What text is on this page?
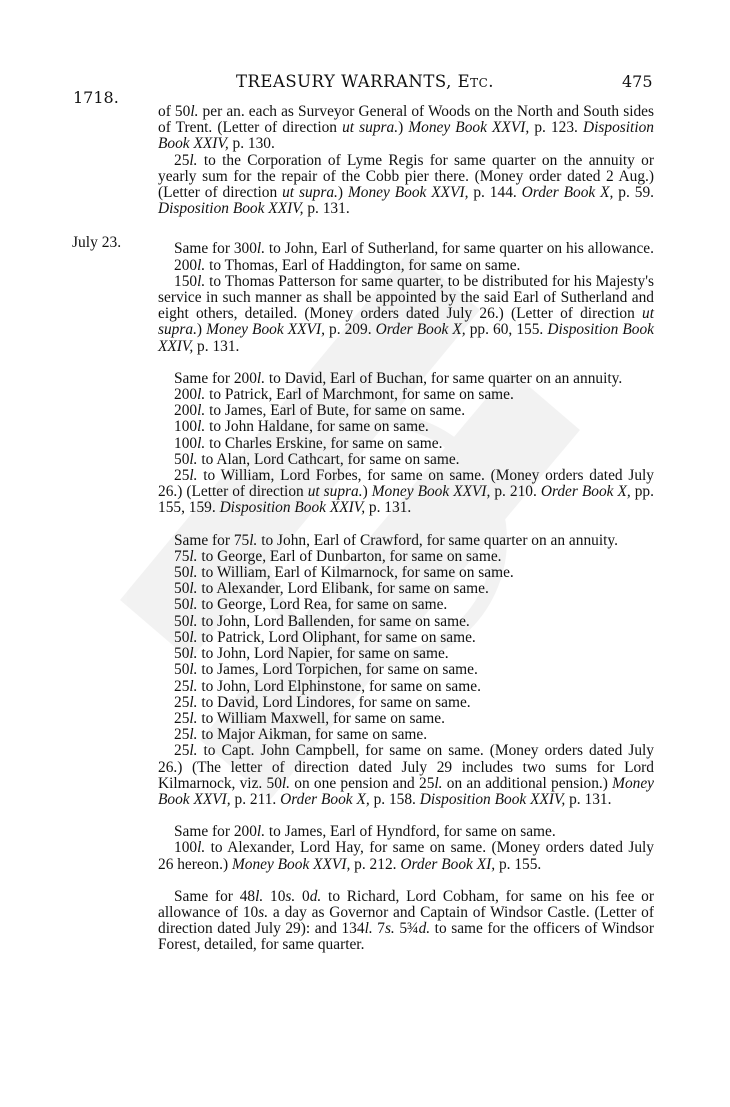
1718.
TREASURY WARRANTS, Etc.	475
July 23.

of 50l. per an. each as Surveyor General of Woods on the North and South sides of Trent. (Letter of direction ut supra.) Money Book XXVI, p. 123. Disposition Book XXIV, p. 130.

25l. to the Corporation of Lyme Regis for same quarter on the annuity or yearly sum for the repair of the Cobb pier there. (Money order dated 2 Aug.) (Letter of direction ut supra.) Money Book XXVI, p. 144. Order Book X, p. 59. Disposition Book XXIV, p. 131.

Same for 300l. to John, Earl of Sutherland, for same quarter on his allowance.

200l. to Thomas, Earl of Haddington, for same on same.

150l. to Thomas Patterson for same quarter, to be distributed for his Majesty's service in such manner as shall be appointed by the said Earl of Sutherland and eight others, detailed. (Money orders dated July 26.) (Letter of direction ut supra.) Money Book XXVI, p. 209. Order Book X, pp. 60, 155. Disposition Book XXIV, p. 131.

Same for 200l. to David, Earl of Buchan, for same quarter on an annuity.

200l. to Patrick, Earl of Marchmont, for same on same.

200l. to James, Earl of Bute, for same on same.

100l. to John Haldane, for same on same.

100l. to Charles Erskine, for same on same.

50l. to Alan, Lord Cathcart, for same on same.

25l. to William, Lord Forbes, for same on same. (Money orders dated July 26.) (Letter of direction ut supra.) Money Book XXVI, p. 210. Order Book X, pp. 155, 159. Disposition Book XXIV, p. 131.

Same for 75l. to John, Earl of Crawford, for same quarter on an annuity.

75l. to George, Earl of Dunbarton, for same on same.

50l. to William, Earl of Kilmarnock, for same on same.

50l. to Alexander, Lord Elibank, for same on same.

50l. to George, Lord Rea, for same on same.

50l. to John, Lord Ballenden, for same on same.

50l. to Patrick, Lord Oliphant, for same on same.

50l. to John, Lord Napier, for same on same.

50l. to James, Lord Torpichen, for same on same.

25l. to John, Lord Elphinstone, for same on same.

25l. to David, Lord Lindores, for same on same.

25l. to William Maxwell, for same on same.

25l. to Major Aikman, for same on same.

25l. to Capt. John Campbell, for same on same. (Money orders dated July 26.) (The letter of direction dated July 29 includes two sums for Lord Kilmarnock, viz. 50l. on one pension and 25l. on an additional pension.) Money Book XXVI, p. 211. Order Book X, p. 158. Disposition Book XXIV, p. 131.

Same for 200l. to James, Earl of Hyndford, for same on same.

100l. to Alexander, Lord Hay, for same on same. (Money orders dated July 26 hereon.) Money Book XXVI, p. 212. Order Book XI, p. 155.

Same for 48l. 10s. 0d. to Richard, Lord Cobham, for same on his fee or allowance of 10s. a day as Governor and Captain of Windsor Castle. (Letter of direction dated July 29): and 134l. 7s. 5¾d. to same for the officers of Windsor Forest, detailed, for same quarter.
